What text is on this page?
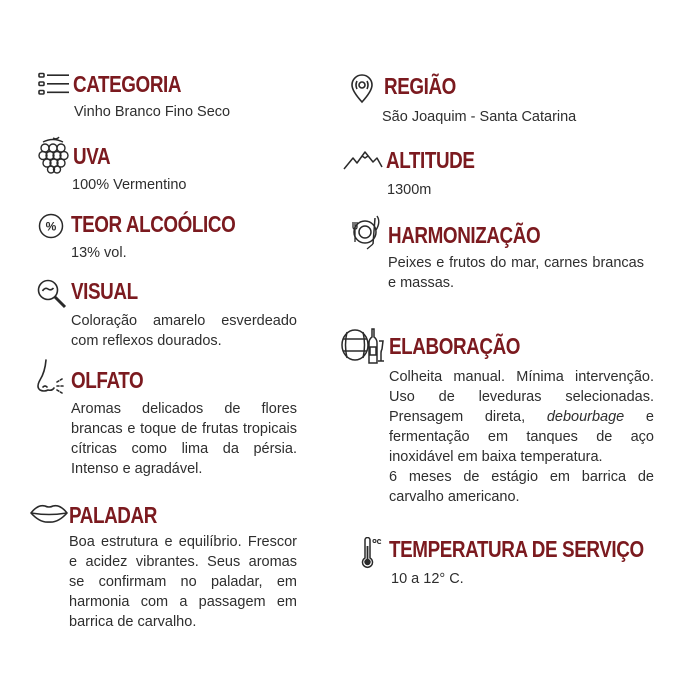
CATEGORIA
Vinho Branco Fino Seco
UVA
100% Vermentino
% TEOR ALCOÓLICO
13% vol.
VISUAL
Coloração amarelo esverdeado com reflexos dourados.
OLFATO
Aromas delicados de flores brancas e toque de frutas tropicais cítricas como lima da pérsia. Intenso e agradável.
PALADAR
Boa estrutura e equilíbrio. Frescor e acidez vibrantes. Seus aromas se confirmam no paladar, em harmonia com a passagem em barrica de carvalho.
REGIÃO
São Joaquim - Santa Catarina
ALTITUDE
1300m
HARMONIZAÇÃO
Peixes e frutos do mar, carnes brancas e massas.
ELABORAÇÃO

Colheita manual. Mínima intervenção. Uso de leveduras selecionadas. Prensagem direta, debourbage e fermentação em tanques de aço inoxidável em baixa temperatura.

6 meses de estágio em barrica de carvalho americano.

TEMPERATURA DE SERVIÇO
10 a 12° C.
